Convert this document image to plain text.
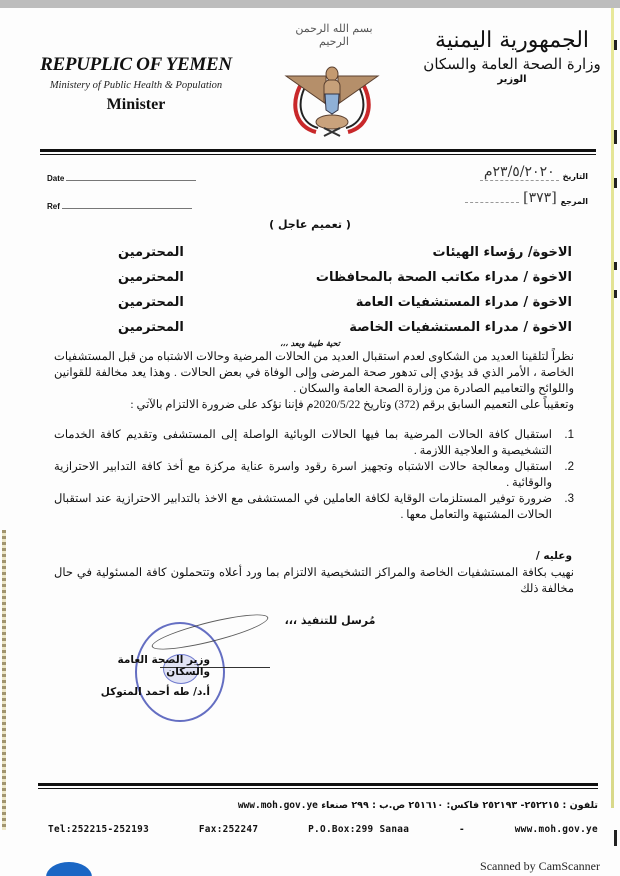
REPUPLIC OF YEMEN
Ministery of Public Health & Population
Minister
بسم الله الرحمن الرحيم	الجمهورية اليمنية
وزارة الصحة العامة والسكان
الوزير
Date
Ref
التاريخ
٢٣/٥/٢٠٢٠م
المرجع
[٣٧٣]
( تعميم عاجل )
الاخوة/ رؤساء الهيئات
المحترمين
الاخوة / مدراء مكاتب الصحة بالمحافظات
المحترمين
الاخوة / مدراء المستشفيات العامة
المحترمين
الاخوة / مدراء المستشفيات الخاصة
المحترمين
تحية طيبة وبعد ،،،

نظراً لتلقينا العديد من الشكاوى لعدم استقبال العديد من الحالات المرضية وحالات الاشتباه من قبل المستشفيات الخاصة ، الأمر الذي قد يؤدي إلى تدهور صحة المرضى وإلى الوفاة في بعض الحالات . وهذا يعد مخالفة للقوانين واللوائح والتعاميم الصادرة من وزارة الصحة العامة والسكان .

وتعقيباً على التعميم السابق برقم (372) وتاريخ 2020/5/22م فإننا نؤكد على ضرورة الالتزام بالآتي :

1.
استقبال كافة الحالات المرضية بما فيها الحالات الوبائية الواصلة إلى المستشفى وتقديم كافة الخدمات التشخيصية و العلاجية اللازمة .
2.
استقبال ومعالجة حالات الاشتباه وتجهيز اسرة رقود واسرة عناية مركزة مع أخذ كافة التدابير الاحترازية والوقائية .
3.
ضرورة توفير المستلزمات الوقاية لكافة العاملين في المستشفى مع الاخذ بالتدابير الاحترازية عند استقبال الحالات المشتبهة والتعامل معها .
وعليه /

نهيب بكافة المستشفيات الخاصة والمراكز التشخيصية الالتزام بما ورد أعلاه وتتحملون كافة المسئولية في حال مخالفة ذلك

مُرسل للتنفيذ ،،،
وزير الصحة العامة والسكان
أ.د/ طه أحمد المتوكل
تلفون : ٢٥٢٢١٥- ٢٥٢١٩٣ فاكس: ٢٥١٦١٠ ص.ب : ٢٩٩ صنعاء www.moh.gov.ye
Tel:252215-252193	Fax:252247	P.O.Box:299 Sanaa	-	www.moh.gov.ye
Scanned by CamScanner
